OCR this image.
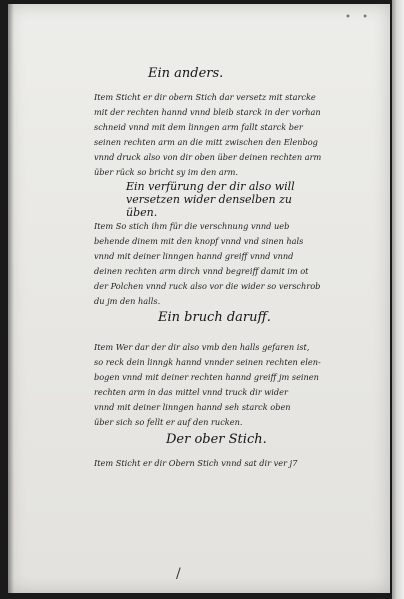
• •
Ein anders.
Item Sticht er dir obern Stich dar versetz mit starcke
mit der rechten hannd vnnd bleib starck in der vorhan
schneid vnnd mit dem linngen arm fallt starck ber
seinen rechten arm an die mitt zwischen den Elenbog
vnnd druck also von dir oben über deinen rechten arm
über rück so bricht sy im den arm.
Ein verfürung der dir also will versetzen wider denselben zu üben.
Item So stich ihm für die verschnung vnnd ueb
behende dinem mit den knopf vnnd vnd sinen hals
vnnd mit deiner linngen hannd greiff vnnd vnnd
deinen rechten arm dirch vnnd begreiff damit im ot
der Polchen vnnd ruck also vor die wider so verschrob
du jm den halls.
Ein bruch daruff.
Item Wer dar der dir also vmb den halls gefaren ist,
so reck dein linngk hannd vnnder seinen rechten elen-
bogen vnnd mit deiner rechten hannd greiff jm seinen
rechten arm in das mittel vnnd truck dir wider
vnnd mit deiner linngen hannd seh starck oben
über sich so fellt er auf den rucken.
Der ober Stich.
Item Sticht er dir Obern Stich vnnd sat dir ver j7
/
